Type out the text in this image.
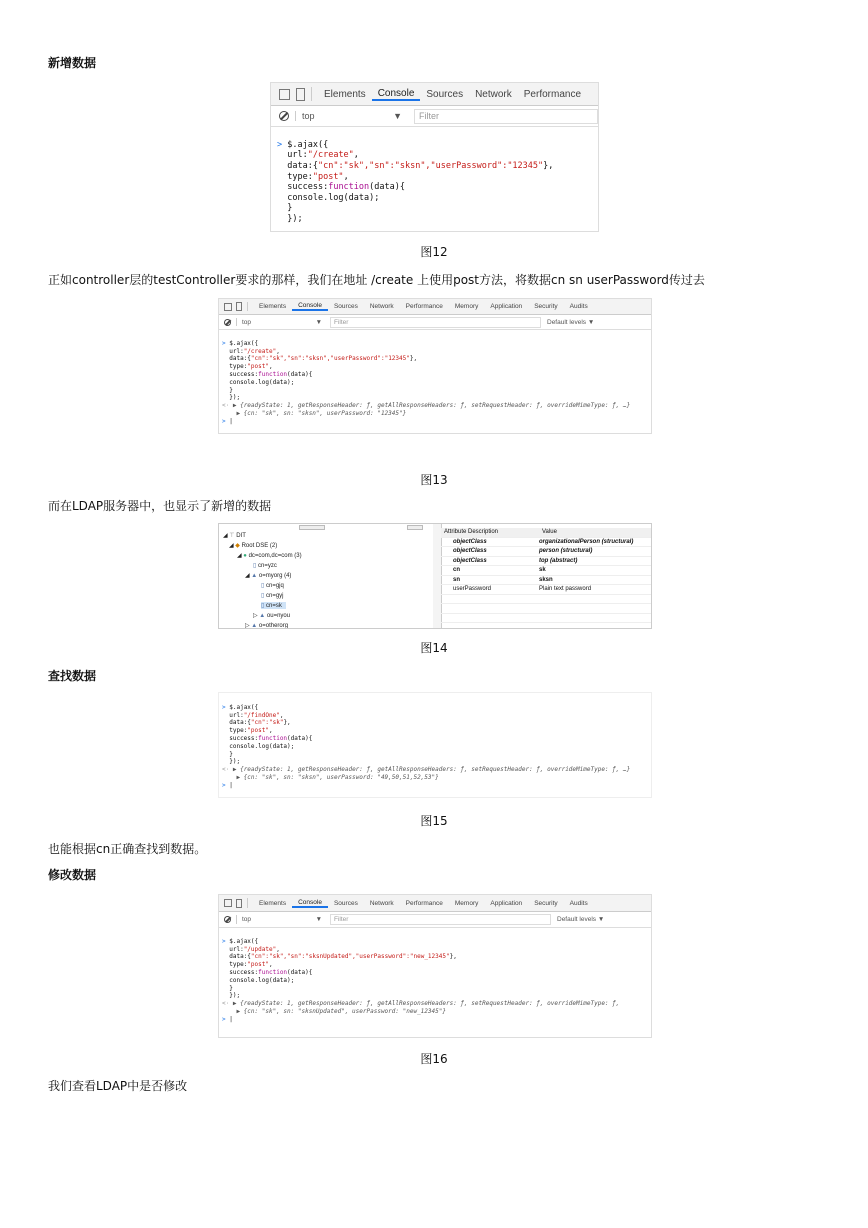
新增数据
Elements	Console	Sources	Network	Performance
top	▼	Filter

> $.ajax({
url:"/create",
data:{"cn":"sk","sn":"sksn","userPassword":"12345"},
type:"post",
success:function(data){
console.log(data);
}
});

图12
正如controller层的testController要求的那样，我们在地址 /create 上使用post方法，将数据cn sn userPassword传过去
Elements	Console	Sources	Network	Performance	Memory	Application	Security	Audits
top	▼	Filter	Default levels ▼

> $.ajax({
url:"/create",
data:{"cn":"sk","sn":"sksn","userPassword":"12345"},
type:"post",
success:function(data){
console.log(data);
}
});
<· ▶ {readyState: 1, getResponseHeader: ƒ, getAllResponseHeaders: ƒ, setRequestHeader: ƒ, overrideMimeType: ƒ, …}
▶ {cn: "sk", sn: "sksn", userPassword: "12345"}
> |

图13
而在LDAP服务器中，也显示了新增的数据
◢ ⊤ DIT
◢ ◆ Root DSE (2)
◢ ● dc=com,dc=com (3)
▯ cn=yzc
◢ ▲ o=myorg (4)
▯ cn=gjq
▯ cn=gyj
▯ cn=sk
▷ ▲ ou=nyou
▷ ▲ o=otherorg
Attribute Description	Value
objectClass	organizationalPerson (structural)
objectClass	person (structural)
objectClass	top (abstract)
cn	sk
sn	sksn
userPassword	Plain text password
图14
查找数据

> $.ajax({
url:"/findOne",
data:{"cn":"sk"},
type:"post",
success:function(data){
console.log(data);
}
});
<· ▶ {readyState: 1, getResponseHeader: ƒ, getAllResponseHeaders: ƒ, setRequestHeader: ƒ, overrideMimeType: ƒ, …}
▶ {cn: "sk", sn: "sksn", userPassword: "49,50,51,52,53"}
> |

图15
也能根据cn正确查找到数据。
修改数据
Elements	Console	Sources	Network	Performance	Memory	Application	Security	Audits
top	▼	Filter	Default levels ▼

> $.ajax({
url:"/update",
data:{"cn":"sk","sn":"sksnUpdated","userPassword":"new_12345"},
type:"post",
success:function(data){
console.log(data);
}
});
<· ▶ {readyState: 1, getResponseHeader: ƒ, getAllResponseHeaders: ƒ, setRequestHeader: ƒ, overrideMimeType: ƒ,
▶ {cn: "sk", sn: "sksnUpdated", userPassword: "new_12345"}
> |

图16
我们查看LDAP中是否修改
